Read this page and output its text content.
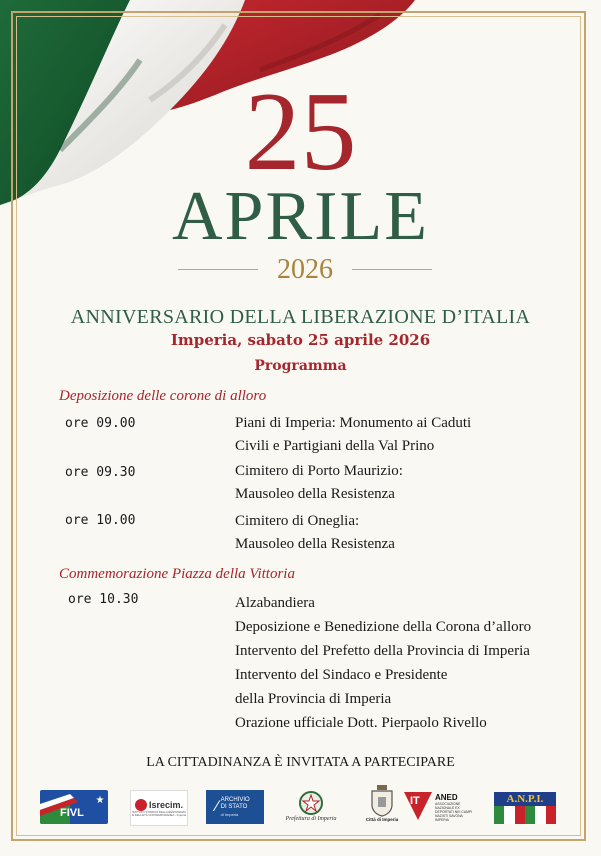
25
APRILE
2026
ANNIVERSARIO DELLA LIBERAZIONE D’ITALIA
Imperia, sabato 25 aprile 2026
Programma
Deposizione delle corone di alloro
ore 09.00	Piani di Imperia: Monumento ai Caduti
Civili e Partigiani della Val Prino
ore 09.30	Cimitero di Porto Maurizio:
Mausoleo della Resistenza
ore 10.00	Cimitero di Oneglia:
Mausoleo della Resistenza
Commemorazione Piazza della Vittoria
ore 10.30	Alzabandiera
Deposizione e Benedizione della Corona d’alloro
Intervento del Prefetto della Provincia di Imperia
Intervento del Sindaco e Presidente
della Provincia di Imperia
Orazione ufficiale Dott. Pierpaolo Rivello
LA CITTADINANZA È INVITATA A PARTECIPARE
★
FIVL
Isrecim.
ISTITUTO STORICO DELLA RESISTENZA E DELL'ETÀ CONTEMPORANEA - Imperia ⁄ ARCHIVIO DI STATO
di Imperia
Prefettura di Imperia	Città di Imperia
IT ANED
ASSOCIAZIONE NAZIONALE EX DEPORTATI NEI CAMPI NAZISTI SAVONA IMPERIA
A.N.P.I.
